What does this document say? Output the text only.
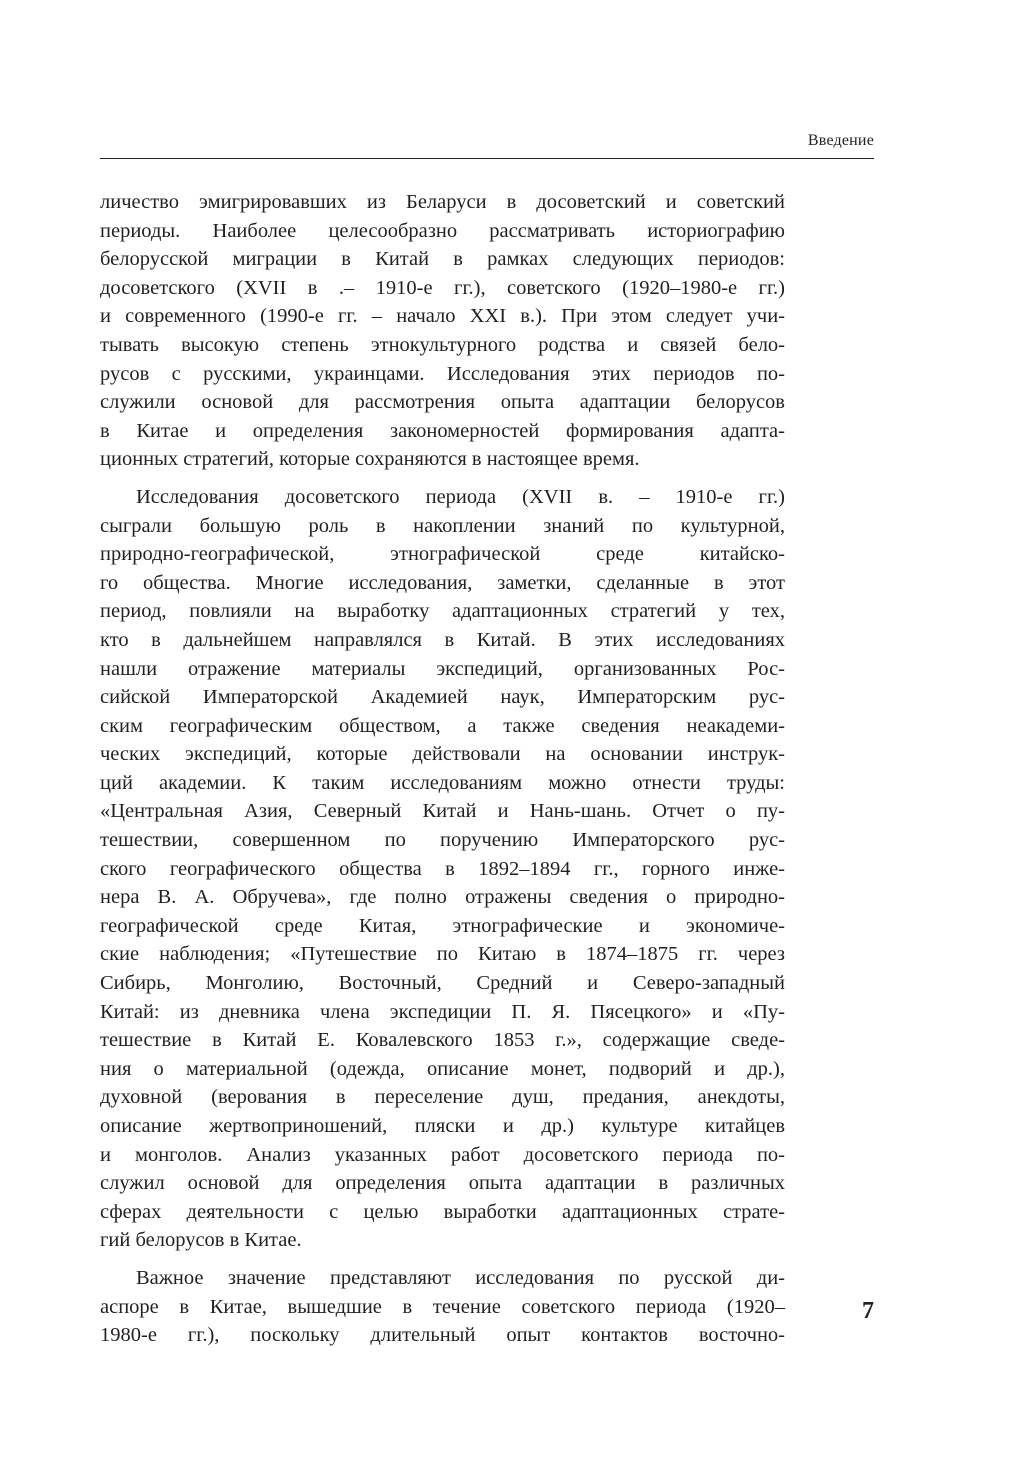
Введение
личество эмигрировавших из Беларуси в досоветский и советский
периоды. Наиболее целесообразно рассматривать историографию
белорусской миграции в Китай в рамках следующих периодов:
досоветского (XVII в .– 1910-е гг.), советского (1920–1980-е гг.)
и современного (1990-е гг. – начало XXI в.). При этом следует учи-
тывать высокую степень этнокультурного родства и связей бело-
русов с русскими, украинцами. Исследования этих периодов по-
служили основой для рассмотрения опыта адаптации белорусов
в Китае и определения закономерностей формирования адапта-
ционных стратегий, которые сохраняются в настоящее время.
Исследования досоветского периода (XVII в. – 1910-е гг.)
сыграли большую роль в накоплении знаний по культурной,
природно-географической, этнографической среде китайско-
го общества. Многие исследования, заметки, сделанные в этот
период, повлияли на выработку адаптационных стратегий у тех,
кто в дальнейшем направлялся в Китай. В этих исследованиях
нашли отражение материалы экспедиций, организованных Рос-
сийской Императорской Академией наук, Императорским рус-
ским географическим обществом, а также сведения неакадеми-
ческих экспедиций, которые действовали на основании инструк-
ций академии. К таким исследованиям можно отнести труды:
«Центральная Азия, Северный Китай и Нань-шань. Отчет о пу-
тешествии, совершенном по поручению Императорского рус-
ского географического общества в 1892–1894 гг., горного инже-
нера В. А. Обручева», где полно отражены сведения о природно-
географической среде Китая, этнографические и экономиче-
ские наблюдения; «Путешествие по Китаю в 1874–1875 гг. через
Сибирь, Монголию, Восточный, Средний и Северо-западный
Китай: из дневника члена экспедиции П. Я. Пясецкого» и «Пу-
тешествие в Китай Е. Ковалевского 1853 г.», содержащие сведе-
ния о материальной (одежда, описание монет, подворий и др.),
духовной (верования в переселение душ, предания, анекдоты,
описание жертвоприношений, пляски и др.) культуре китайцев
и монголов. Анализ указанных работ досоветского периода по-
служил основой для определения опыта адаптации в различных
сферах деятельности с целью выработки адаптационных страте-
гий белорусов в Китае.
Важное значение представляют исследования по русской ди-
аспоре в Китае, вышедшие в течение советского периода (1920–
1980-е гг.), поскольку длительный опыт контактов восточно-
7
